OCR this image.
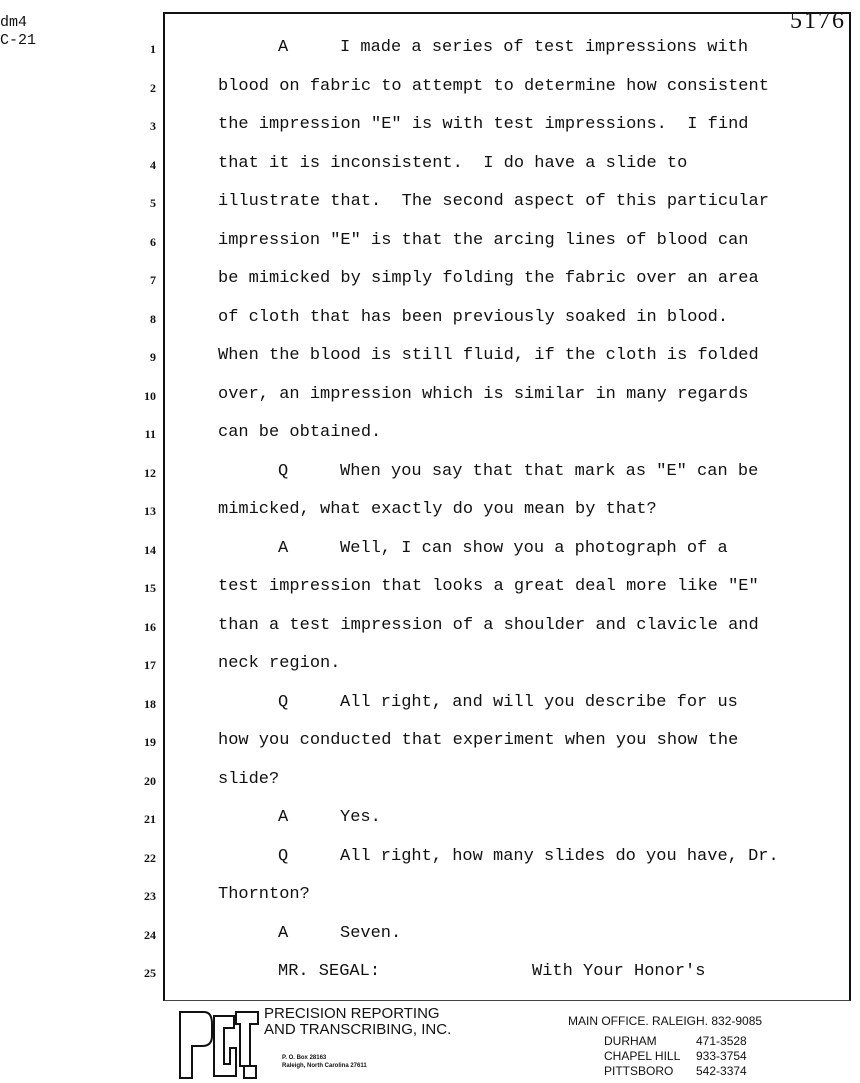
dm4
C-21
5176
1	A	I made a series of test impressions with
2	blood on fabric to attempt to determine how consistent
3	the impression "E" is with test impressions.  I find
4	that it is inconsistent.  I do have a slide to
5	illustrate that.  The second aspect of this particular
6	impression "E" is that the arcing lines of blood can
7	be mimicked by simply folding the fabric over an area
8	of cloth that has been previously soaked in blood.
9	When the blood is still fluid, if the cloth is folded
10	over, an impression which is similar in many regards
11	can be obtained.
12	Q	When you say that that mark as "E" can be
13	mimicked, what exactly do you mean by that?
14	A	Well, I can show you a photograph of a
15	test impression that looks a great deal more like "E"
16	than a test impression of a shoulder and clavicle and
17	neck region.
18	Q	All right, and will you describe for us
19	how you conducted that experiment when you show the
20	slide?
21	A	Yes.
22	Q	All right, how many slides do you have, Dr.
23	Thornton?
24	A	Seven.
25	MR. SEGAL:	With Your Honor's
PRECISION REPORTING
AND TRANSCRIBING, INC.
P. O. Box 28163
Raleigh, North Carolina 27611
MAIN OFFICE. RALEIGH. 832-9085
DURHAM	471-3528
CHAPEL HILL 933-3754
PITTSBORO 542-3374
